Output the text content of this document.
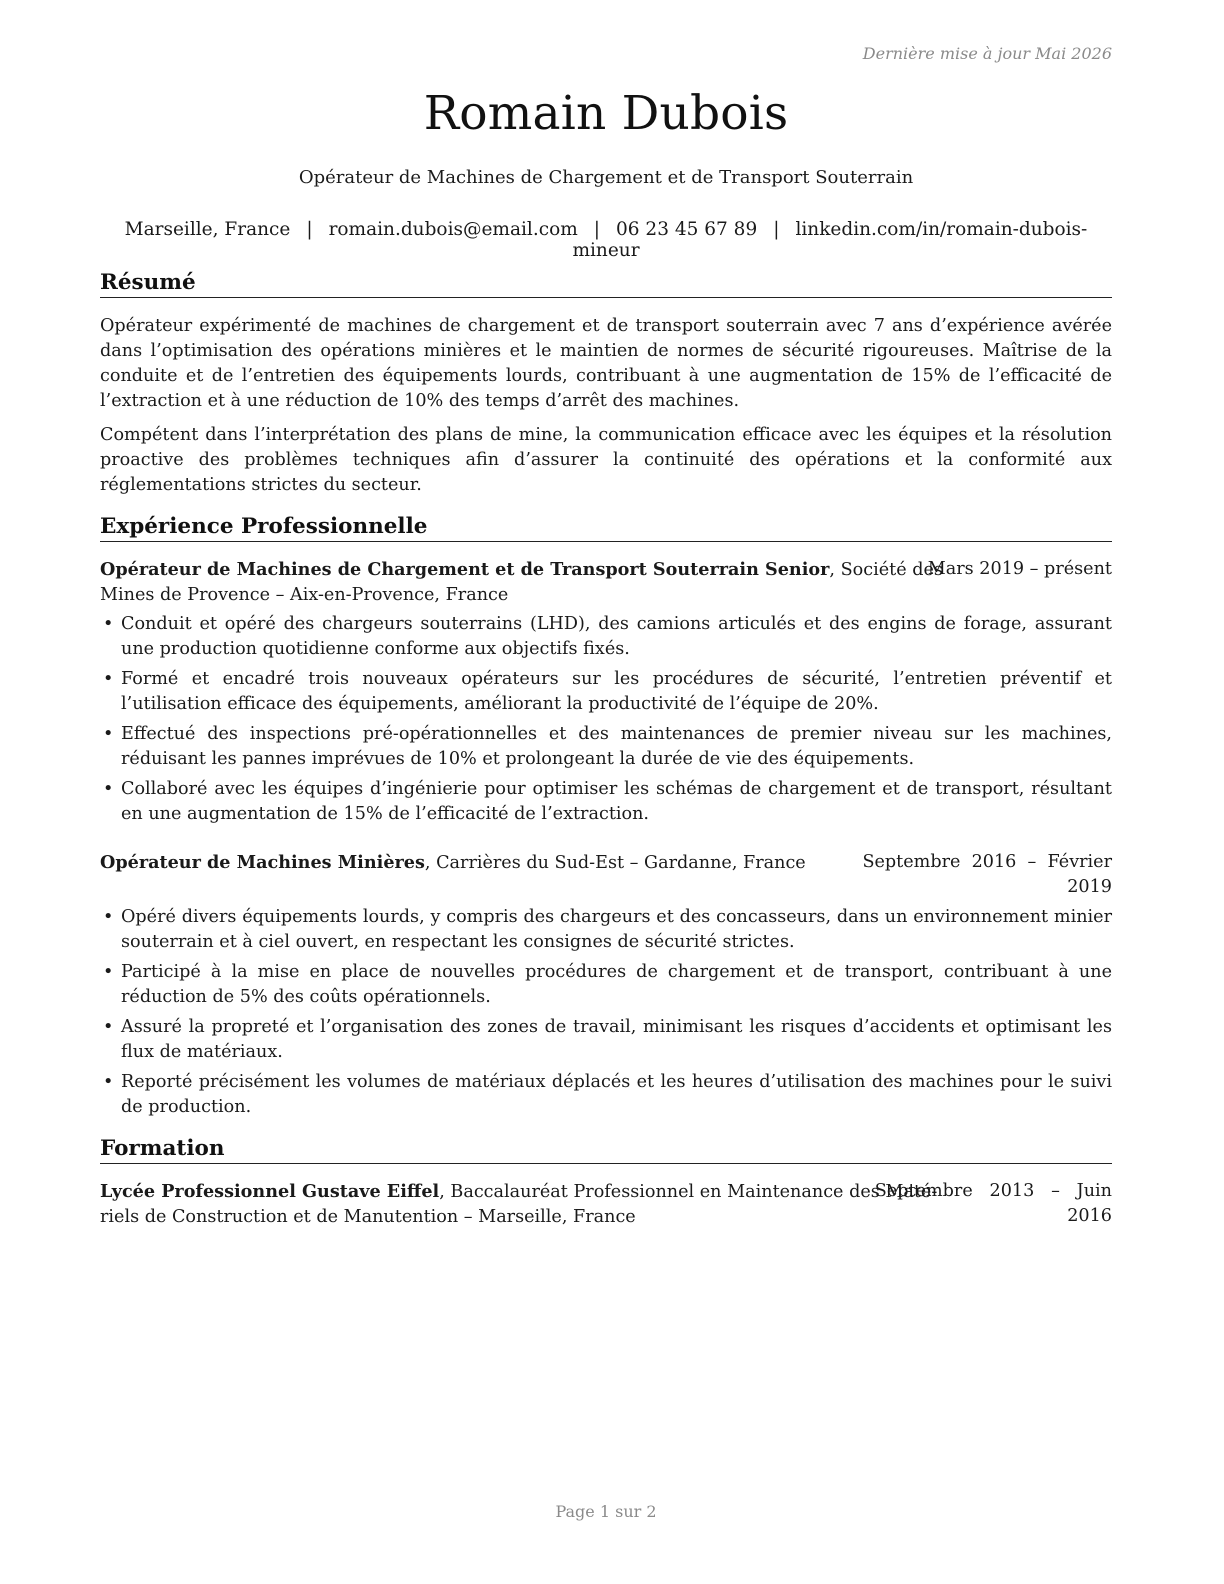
Dernière mise à jour Mai 2026
Romain Dubois
Opérateur de Machines de Chargement et de Transport Souterrain
Marseille, France | romain.dubois@email.com | 06 23 45 67 89 | linkedin.com/in/romain-dubois-mineur
Résumé

Opérateur expérimenté de machines de chargement et de transport souterrain avec 7 ans d’expérience avérée dans l’optimisation des opérations minières et le maintien de normes de sécurité rigoureuses. Maîtrise de la conduite et de l’entretien des équipements lourds, contribuant à une augmentation de 15% de l’efficacité de l’extraction et à une réduction de 10% des temps d’arrêt des machines.

Compétent dans l’interprétation des plans de mine, la communication efficace avec les équipes et la résolution proactive des problèmes techniques afin d’assurer la continuité des opérations et la conformité aux réglementations strictes du secteur.

Expérience Professionnelle
Opérateur de Machines de Chargement et de Transport Souterrain Senior, Société des
Mines de Provence – Aix-en-Provence, France
Mars 2019 – présent
• Conduit et opéré des chargeurs souterrains (LHD), des camions articulés et des engins de forage, assurant une production quotidienne conforme aux objectifs fixés.
• Formé et encadré trois nouveaux opérateurs sur les procédures de sécurité, l’entretien préventif et l’utilisation efficace des équipements, améliorant la productivité de l’équipe de 20%.
• Effectué des inspections pré-opérationnelles et des maintenances de premier niveau sur les machines, réduisant les pannes imprévues de 10% et prolongeant la durée de vie des équipements.
• Collaboré avec les équipes d’ingénierie pour optimiser les schémas de chargement et de transport, résultant en une augmentation de 15% de l’efficacité de l’extraction.
Opérateur de Machines Minières, Carrières du Sud-Est – Gardanne, France	Septembre  2016  –  Février
2019
• Opéré divers équipements lourds, y compris des chargeurs et des concasseurs, dans un environnement minier souterrain et à ciel ouvert, en respectant les consignes de sécurité strictes.
• Participé à la mise en place de nouvelles procédures de chargement et de transport, contribuant à une réduction de 5% des coûts opérationnels.
• Assuré la propreté et l’organisation des zones de travail, minimisant les risques d’accidents et optimisant les flux de matériaux.
• Reporté précisément les volumes de matériaux déplacés et les heures d’utilisation des machines pour le suivi de production.
Formation
Lycée Professionnel Gustave Eiffel, Baccalauréat Professionnel en Maintenance des Maté-
riels de Construction et de Manutention – Marseille, France
Septembre   2013   –   Juin
2016
Page 1 sur 2
